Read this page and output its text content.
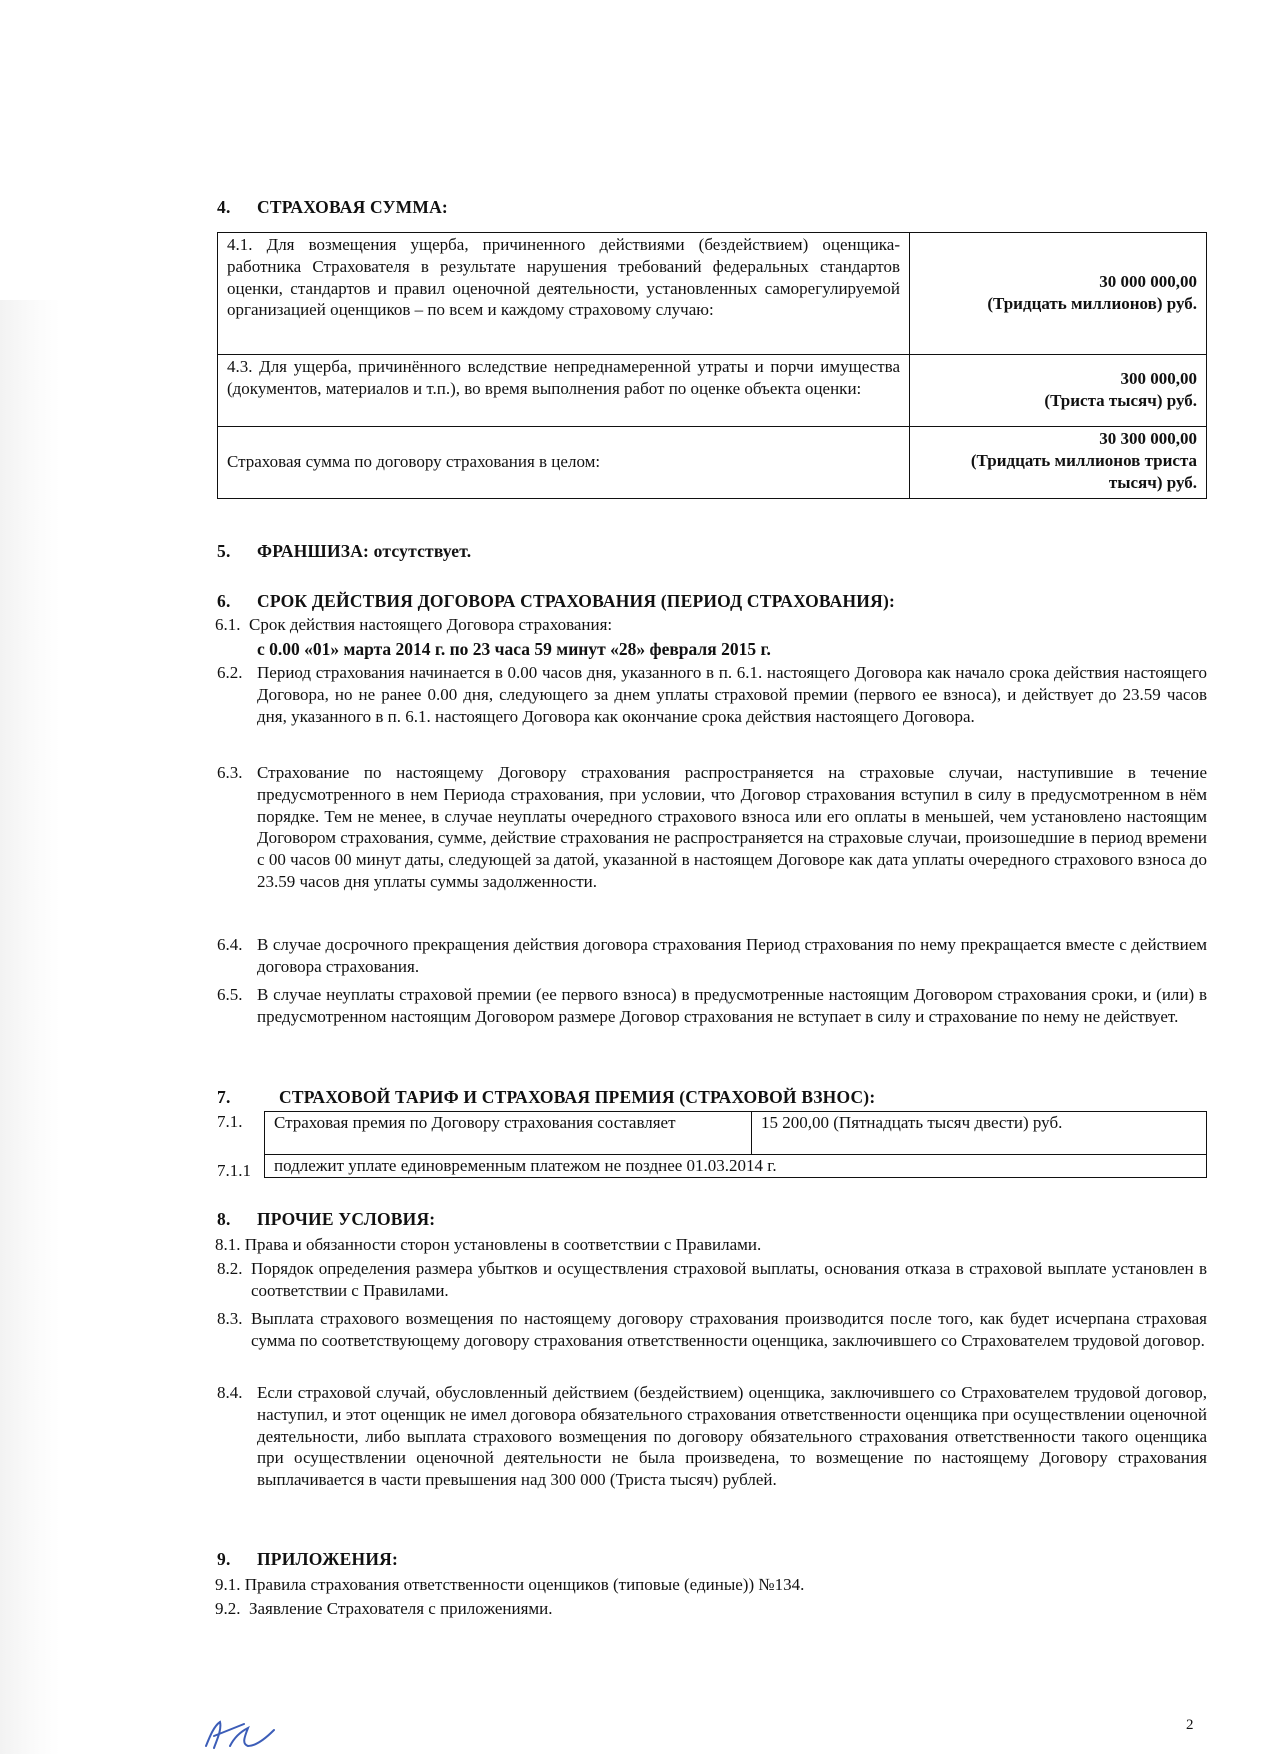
4. СТРАХОВАЯ СУММА:
4.1. Для возмещения ущерба, причиненного действиями (бездействием) оценщика-работника Страхователя в результате нарушения требований федеральных стандартов оценки, стандартов и правил оценочной деятельности, установленных саморегулируемой организацией оценщиков – по всем и каждому страховому случаю:	30 000 000,00
(Тридцать миллионов) руб.

4.3. Для ущерба, причинённого вследствие непреднамеренной утраты и порчи имущества (документов, материалов и т.п.), во время выполнения работ по оценке объекта оценки:	300 000,00
(Триста тысяч) руб.

Страховая сумма по договору страхования в целом:	30 300 000,00
(Тридцать миллионов триста тысяч) руб.
5. ФРАНШИЗА: отсутствует.
6. СРОК ДЕЙСТВИЯ ДОГОВОРА СТРАХОВАНИЯ (ПЕРИОД СТРАХОВАНИЯ):
6.1. Срок действия настоящего Договора страхования:
с 0.00 «01» марта 2014 г. по 23 часа 59 минут «28» февраля 2015 г.
6.2. Период страхования начинается в 0.00 часов дня, указанного в п. 6.1. настоящего Договора как начало срока действия настоящего Договора, но не ранее 0.00 дня, следующего за днем уплаты страховой премии (первого ее взноса), и действует до 23.59 часов дня, указанного в п. 6.1. настоящего Договора как окончание срока действия настоящего Договора.
6.3. Страхование по настоящему Договору страхования распространяется на страховые случаи, наступившие в течение предусмотренного в нем Периода страхования, при условии, что Договор страхования вступил в силу в предусмотренном в нём порядке. Тем не менее, в случае неуплаты очередного страхового взноса или его оплаты в меньшей, чем установлено настоящим Договором страхования, сумме, действие страхования не распространяется на страховые случаи, произошедшие в период времени с 00 часов 00 минут даты, следующей за датой, указанной в настоящем Договоре как дата уплаты очередного страхового взноса до 23.59 часов дня уплаты суммы задолженности.
6.4. В случае досрочного прекращения действия договора страхования Период страхования по нему прекращается вместе с действием договора страхования.
6.5. В случае неуплаты страховой премии (ее первого взноса) в предусмотренные настоящим Договором страхования сроки, и (или) в предусмотренном настоящим Договором размере Договор страхования не вступает в силу и страхование по нему не действует.
7.	СТРАХОВОЙ ТАРИФ И СТРАХОВАЯ ПРЕМИЯ (СТРАХОВОЙ ВЗНОС):
7.1.
7.1.1
Страховая премия по Договору страхования составляет	15 200,00 (Пятнадцать тысяч двести) руб.
подлежит уплате единовременным платежом не позднее 01.03.2014 г.
8. ПРОЧИЕ УСЛОВИЯ:
8.1. Права и обязанности сторон установлены в соответствии с Правилами.
8.2. Порядок определения размера убытков и осуществления страховой выплаты, основания отказа в страховой выплате установлен в соответствии с Правилами.
8.3. Выплата страхового возмещения по настоящему договору страхования производится после того, как будет исчерпана страховая сумма по соответствующему договору страхования ответственности оценщика, заключившего со Страхователем трудовой договор.
8.4. Если страховой случай, обусловленный действием (бездействием) оценщика, заключившего со Страхователем трудовой договор, наступил, и этот оценщик не имел договора обязательного страхования ответственности оценщика при осуществлении оценочной деятельности, либо выплата страхового возмещения по договору обязательного страхования ответственности такого оценщика при осуществлении оценочной деятельности не была произведена, то возмещение по настоящему Договору страхования выплачивается в части превышения над 300 000 (Триста тысяч) рублей.
9. ПРИЛОЖЕНИЯ:
9.1. Правила страхования ответственности оценщиков (типовые (единые)) №134.
9.2. Заявление Страхователя с приложениями.
2
